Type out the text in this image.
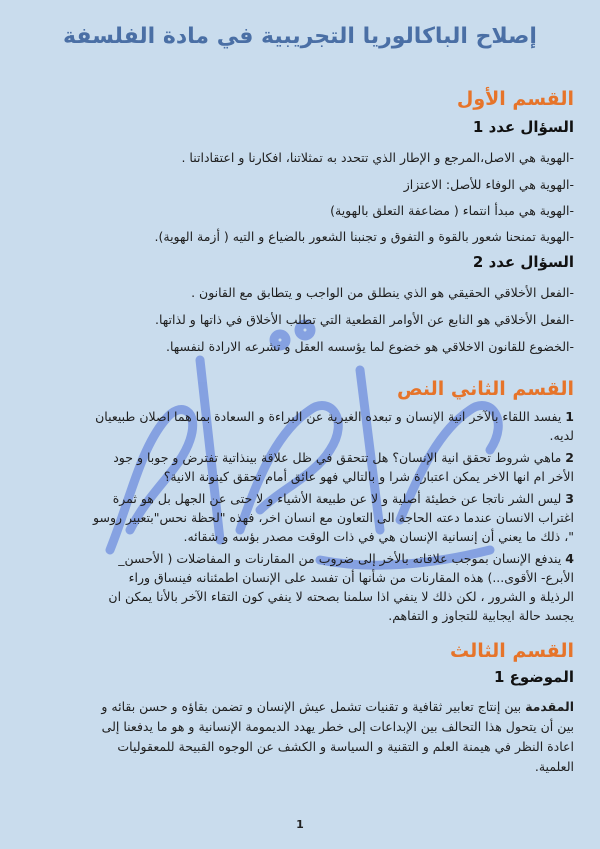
إصلاح الباكالوريا التجريبية في مادة الفلسفة
القسم الأول
السؤال عدد 1

-الهوية هي الاصل،المرجع و الإطار الذي تتحدد به تمثلاتنا، افكارنا و اعتقاداتنا .

-الهوية هي الوفاء للأصل: الاعتزاز

-الهوية هي مبدأ انتماء ( مضاعفة التعلق بالهوية)

-الهوية تمنحنا شعور بالقوة و التفوق و تجنبنا الشعور بالضياع و التيه ( أزمة الهوية).

السؤال عدد 2

-الفعل الأخلاقي الحقيقي هو الذي ينطلق من الواجب و يتطابق مع القانون .

-الفعل الأخلاقي هو النابع عن الأوامر القطعية التي تطلب الأخلاق في ذاتها و لذاتها.

-الخضوع للقانون الاخلاقي هو خضوع لما يؤسسه العقل و تشرعه الارادة لنفسها.

القسم الثاني النص

1 يفسد اللقاء بالآخر انية الإنسان و تبعده الغيرية عن البراءة و السعادة بما هما اصلان طبيعيان

لديه.

2 ماهي شروط تحقق انية الإنسان؟ هل تتحقق في ظل علاقة بينذاتية تفترض و جوبا و جود

الأخر ام انها الاخر يمكن اعتبارة شرا و بالتالي فهو عائق أمام تحقق كينونة الانية؟

3 ليس الشر ناتجا عن خطيئة أصلية و لا عن طبيعة الأشياء و لا حتى عن الجهل بل هو ثمرة

اغتراب الانسان عندما دعته الحاجة الى التعاون مع انسان اخر، فهذه "لحظة نحس"بتعبير روسو

"، ذلك ما يعني أن إنسانية الإنسان هي في ذات الوقت مصدر بؤسه و شقائه.

4 يندفع الإنسان بموجب علاقاته بالأخر إلى ضروب من المقارنات و المفاضلات ( الأحسن_

الأبرع- الأقوى...) هذه المقارنات من شأنها أن تفسد على الإنسان اطمئنانه فينساق وراء

الرذيلة و الشرور ، لكن ذلك لا ينفي اذا سلمنا بصحته لا ينفي كون التقاء الآخر بالأنا يمكن ان

يجسد حالة ايجابية للتجاوز و التفاهم.

القسم الثالث
الموضوع 1

المقدمة بين إنتاج تعابير ثقافية و تقنيات تشمل عيش الإنسان و تضمن بقاؤه و حسن بقائه و

بين أن يتحول هذا التحالف بين الإبداعات إلى خطر يهدد الديمومة الإنسانية و هو ما يدفعنا إلى

اعادة النظر في هيمنة العلم و التقنية و السياسة و الكشف عن الوجوه القبيحة للمعقوليات

العلمية.

1
